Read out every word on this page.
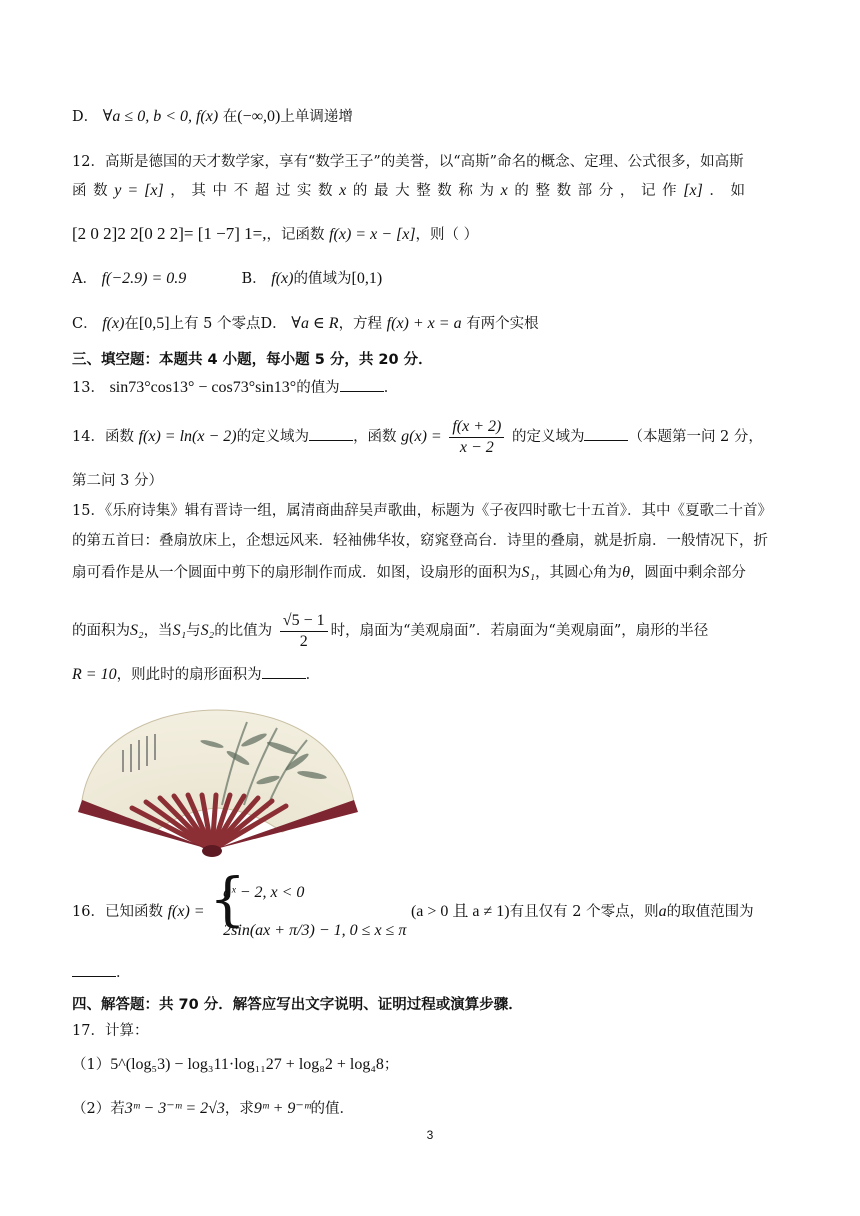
D． ∀a ≤ 0, b < 0, f(x) 在(−∞,0)上单调递增
12．高斯是德国的天才数学家，享有“数学王子”的美誉，以“高斯”命名的概念、定理、公式很多，如高斯
函 数 y = [x] ， 其 中 不 超 过 实 数 x 的 最 大 整 数 称 为 x 的 整 数 部 分 ， 记 作 [x] ． 如
[2 0 2]2 2[0 2 2]= [1 −7] 1=,，记函数 f(x) = x − [x]，则（ ）
A． f(−2.9) = 0.9	B． f(x)的值域为[0,1)
C． f(x)在[0,5]上有 5 个零点D． ∀a ∈ R，方程 f(x) + x = a 有两个实根
三、填空题：本题共 4 小题，每小题 5 分，共 20 分．
13． sin73°cos13° − cos73°sin13°的值为	．
14．函数 f(x) = ln(x − 2)的定义域为	，函数 $g(x) = \frac{f(x + 2)}{x - 2}$ 的定义域为	（本题第一问 2 分，
第二问 3 分）
15．《乐府诗集》辑有晋诗一组，属清商曲辞吴声歌曲，标题为《子夜四时歌七十五首》．其中《夏歌二十首》
的第五首曰：叠扇放床上，企想远风来．轻袖佛华妆，窈窕登高台．诗里的叠扇，就是折扇．一般情况下，折
扇可看作是从一个圆面中剪下的扇形制作而成．如图，设扇形的面积为S₁，其圆心角为θ，圆面中剩余部分
的面积为S₂，当S₁与S₂的比值为 $\frac{√5 - 1}{2}$ 时，扇面为“美观扇面”．若扇面为“美观扇面”，扇形的半径
R = 10，则此时的扇形面积为	．
16．已知函数 f(x) = {
aˣ − 2, x < 0
2sin(ax + π/3) − 1, 0 ≤ x ≤ π
(a > 0 且 a ≠ 1)有且仅有 2 个零点，则a的取值范围为
．
四、解答题：共 70 分．解答应写出文字说明、证明过程或演算步骤．
17．计算：
（1）5^(log₅3) − log₃11·log₁₁27 + log₈2 + log₄8；
（2）若3ᵐ − 3⁻ᵐ = 2√3，求9ᵐ + 9⁻ᵐ的值．
3
